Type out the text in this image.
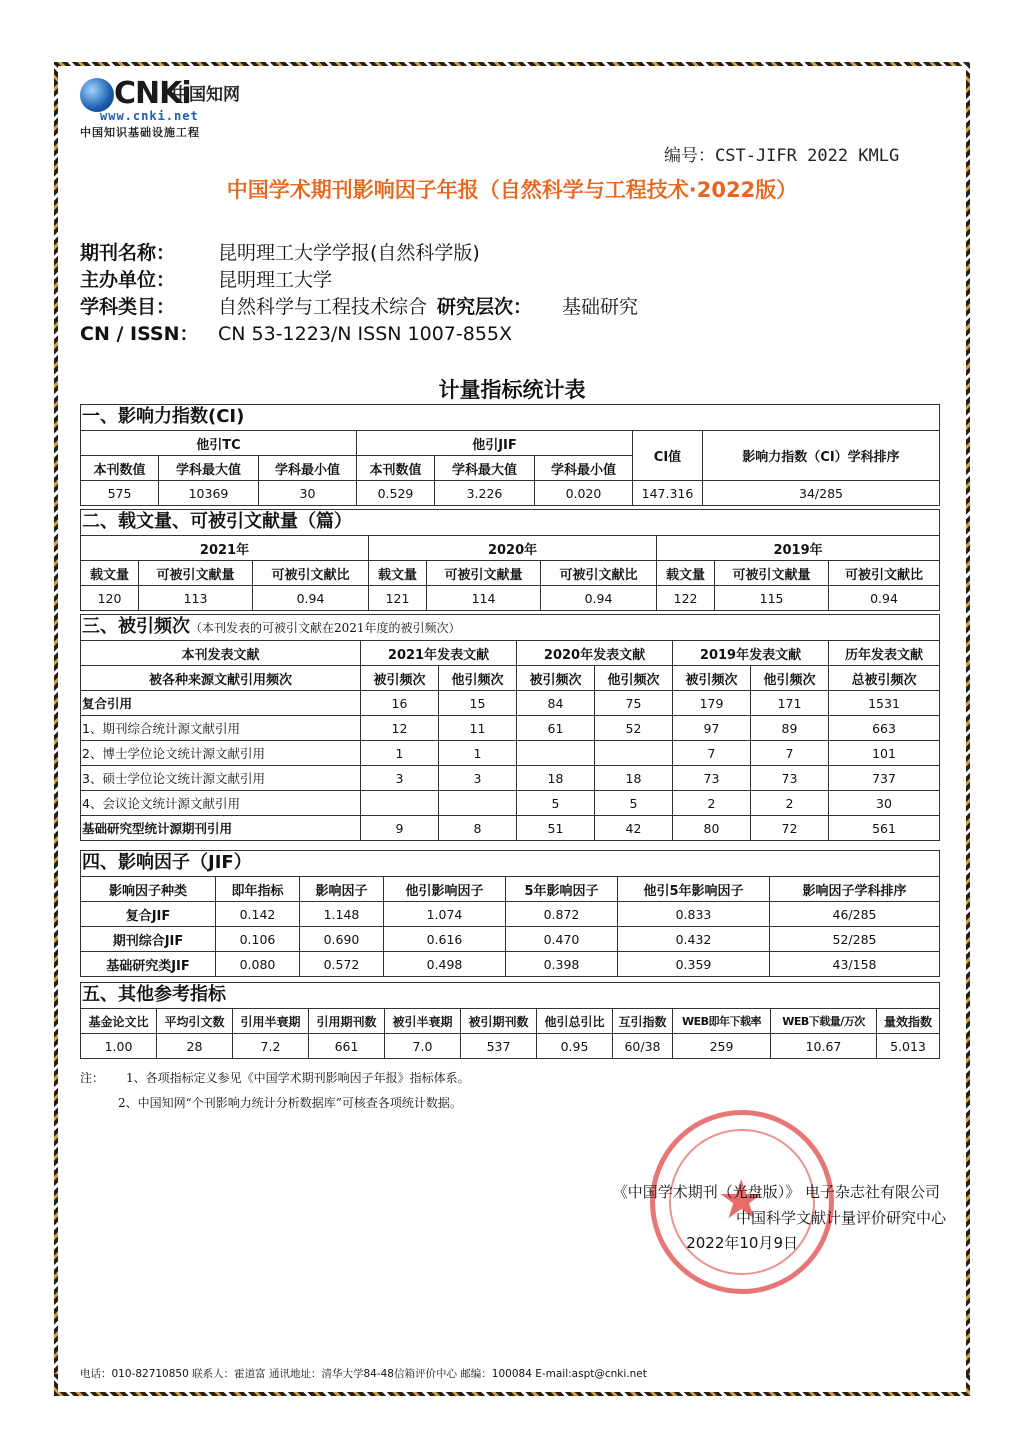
CNKi
中国知网
www.cnki.net
中国知识基础设施工程
编号：CST-JIFR 2022 KMLG
中国学术期刊影响因子年报（自然科学与工程技术·2022版）
期刊名称： 昆明理工大学学报(自然科学版)
主办单位： 昆明理工大学
学科类目： 自然科学与工程技术综合 研究层次： 基础研究
CN / ISSN： CN 53-1223/N ISSN 1007-855X
计量指标统计表
一、影响力指数(CI)
他引TC			他引JIF			CI值	影响力指数（CI）学科排序
本刊数值	学科最大值	学科最小值	本刊数值	学科最大值	学科最小值		
575	10369	30	0.529	3.226	0.020	147.316	34/285
二、载文量、可被引文献量（篇）
2021年			2020年			2019年		
载文量	可被引文献量	可被引文献比	载文量	可被引文献量	可被引文献比	载文量	可被引文献量	可被引文献比
120	113	0.94	121	114	0.94	122	115	0.94
三、被引频次（本刊发表的可被引文献在2021年度的被引频次）
本刊发表文献	2021年发表文献		2020年发表文献		2019年发表文献		历年发表文献
被各种来源文献引用频次	被引频次	他引频次	被引频次	他引频次	被引频次	他引频次	总被引频次
复合引用	16	15	84	75	179	171	1531
1、期刊综合统计源文献引用	12	11	61	52	97	89	663
2、博士学位论文统计源文献引用	1	1			7	7	101
3、硕士学位论文统计源文献引用	3	3	18	18	73	73	737
4、会议论文统计源文献引用			5	5	2	2	30
基础研究型统计源期刊引用	9	8	51	42	80	72	561
四、影响因子（JIF）
影响因子种类	即年指标	影响因子	他引影响因子	5年影响因子	他引5年影响因子	影响因子学科排序
复合JIF	0.142	1.148	1.074	0.872	0.833	46/285
期刊综合JIF	0.106	0.690	0.616	0.470	0.432	52/285
基础研究类JIF	0.080	0.572	0.498	0.398	0.359	43/158
五、其他参考指标
基金论文比	平均引文数	引用半衰期	引用期刊数	被引半衰期	被引期刊数	他引总引比	互引指数	WEB即年下载率	WEB下载量/万次	量效指数
1.00	28	7.2	661	7.0	537	0.95	60/38	259	10.67	5.013
注： 1、各项指标定义参见《中国学术期刊影响因子年报》指标体系。
2、中国知网“个刊影响力统计分析数据库”可核查各项统计数据。
★
《中国学术期刊（光盘版）》 电子杂志社有限公司
中国科学文献计量评价研究中心
2022年10月9日
电话：010-82710850 联系人：霍道富 通讯地址：清华大学84-48信箱评价中心 邮编：100084 E-mail:aspt@cnki.net
